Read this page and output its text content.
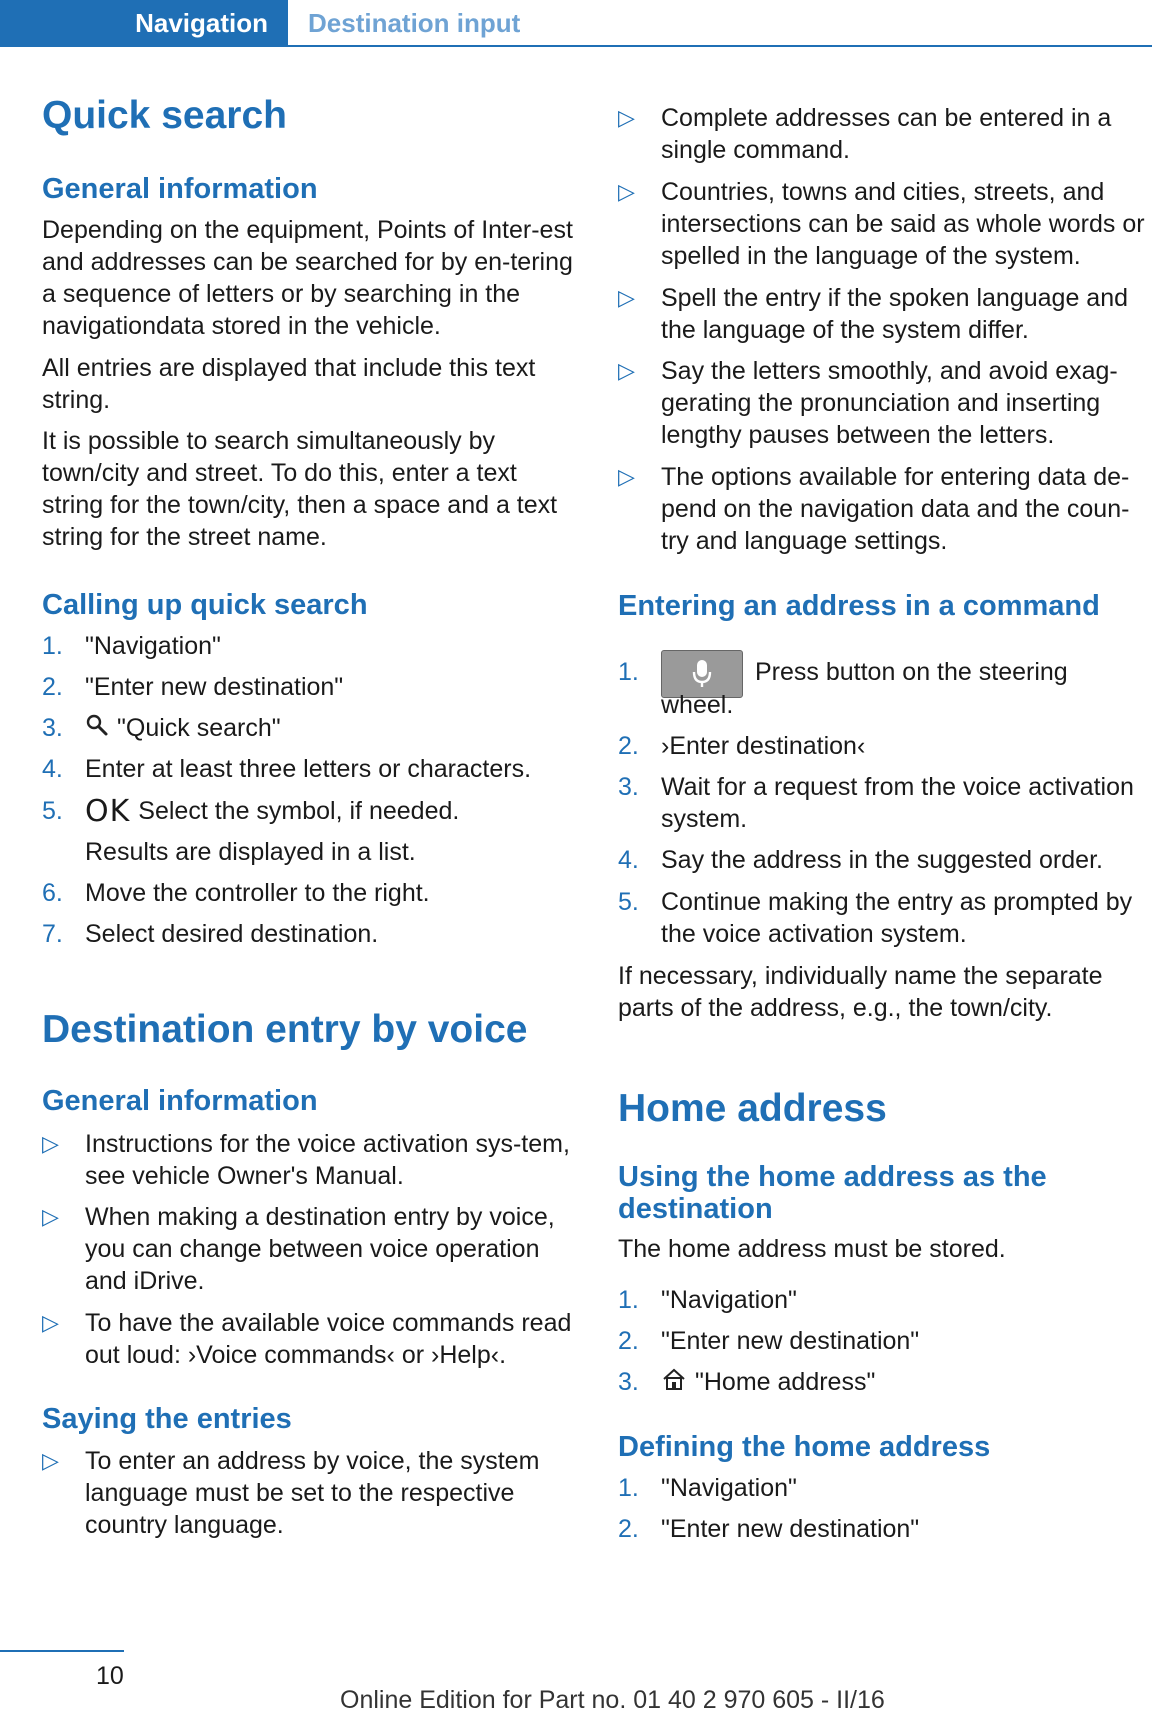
Navigation	Destination input
Quick search
General information

Depending on the equipment, Points of Inter‐est and addresses can be searched for by en‐tering a sequence of letters or by searching in the navigationdata stored in the vehicle.

All entries are displayed that include this text string.

It is possible to search simultaneously by town/city and street. To do this, enter a text string for the town/city, then a space and a text string for the street name.

Calling up quick search
1. "Navigation"
2. "Enter new destination"
3.	"Quick search"
4. Enter at least three letters or characters.
5. OK Select the symbol, if needed.

Results are displayed in a list.

6. Move the controller to the right.
7. Select desired destination.
Destination entry by voice
General information
▷ Instructions for the voice activation sys‐tem, see vehicle Owner's Manual.
▷ When making a destination entry by voice, you can change between voice operation and iDrive.
▷ To have the available voice commands read out loud: ›Voice commands‹ or ›Help‹.
Saying the entries
▷ To enter an address by voice, the system language must be set to the respective country language.
▷ Complete addresses can be entered in a single command.
▷ Countries, towns and cities, streets, and intersections can be said as whole words or spelled in the language of the system.
▷ Spell the entry if the spoken language and the language of the system differ.
▷ Say the letters smoothly, and avoid exag‐gerating the pronunciation and inserting lengthy pauses between the letters.
▷ The options available for entering data de‐pend on the navigation data and the coun‐try and language settings.
Entering an address in a command
1.	Press button on the steering

wheel.

2. ›Enter destination‹
3. Wait for a request from the voice activation system.
4. Say the address in the suggested order.
5. Continue making the entry as prompted by the voice activation system.

If necessary, individually name the separate parts of the address, e.g., the town/city.

Home address
Using the home address as the destination

The home address must be stored.

1. "Navigation"
2. "Enter new destination"
3.	"Home address"
Defining the home address
1. "Navigation"
2. "Enter new destination"
10
Online Edition for Part no. 01 40 2 970 605 - II/16
